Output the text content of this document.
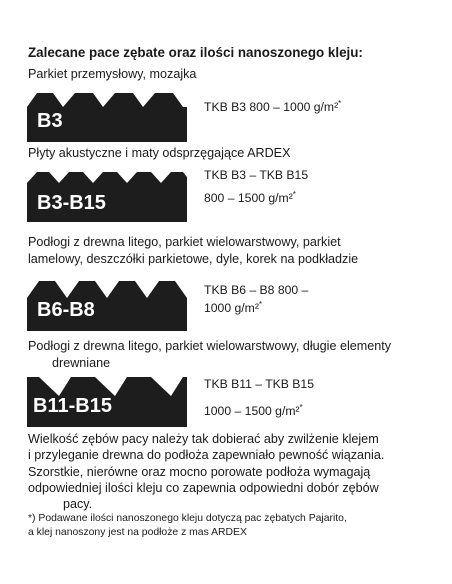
Zalecane pace zębate oraz ilości nanoszonego kleju:
Parkiet przemysłowy, mozajka
B3
TKB B3 800 – 1000 g/m²*
Płyty akustyczne i maty odsprzęgające ARDEX
B3-B15
TKB B3 – TKB B15
800 – 1500 g/m²*
Podłogi z drewna litego, parkiet wielowarstwowy, parkiet
lamelowy, deszczółki parkietowe, dyle, korek na podkładzie
B6-B8
TKB B6 – B8 800 –
1000 g/m²*
Podłogi z drewna litego, parkiet wielowarstwowy, długie elementy
drewniane
B11-B15
TKB B11 – TKB B15
1000 – 1500 g/m²*
Wielkość zębów pacy należy tak dobierać aby zwilżenie klejem
i przyleganie drewna do podłoża zapewniało pewność wiązania.
Szorstkie, nierówne oraz mocno porowate podłoża wymagają
odpowiedniej ilości kleju co zapewnia odpowiedni dobór zębów
pacy.
*) Podawane ilości nanoszonego kleju dotyczą pac zębatych Pajarito,
a klej nanoszony jest na podłoże z mas ARDEX
